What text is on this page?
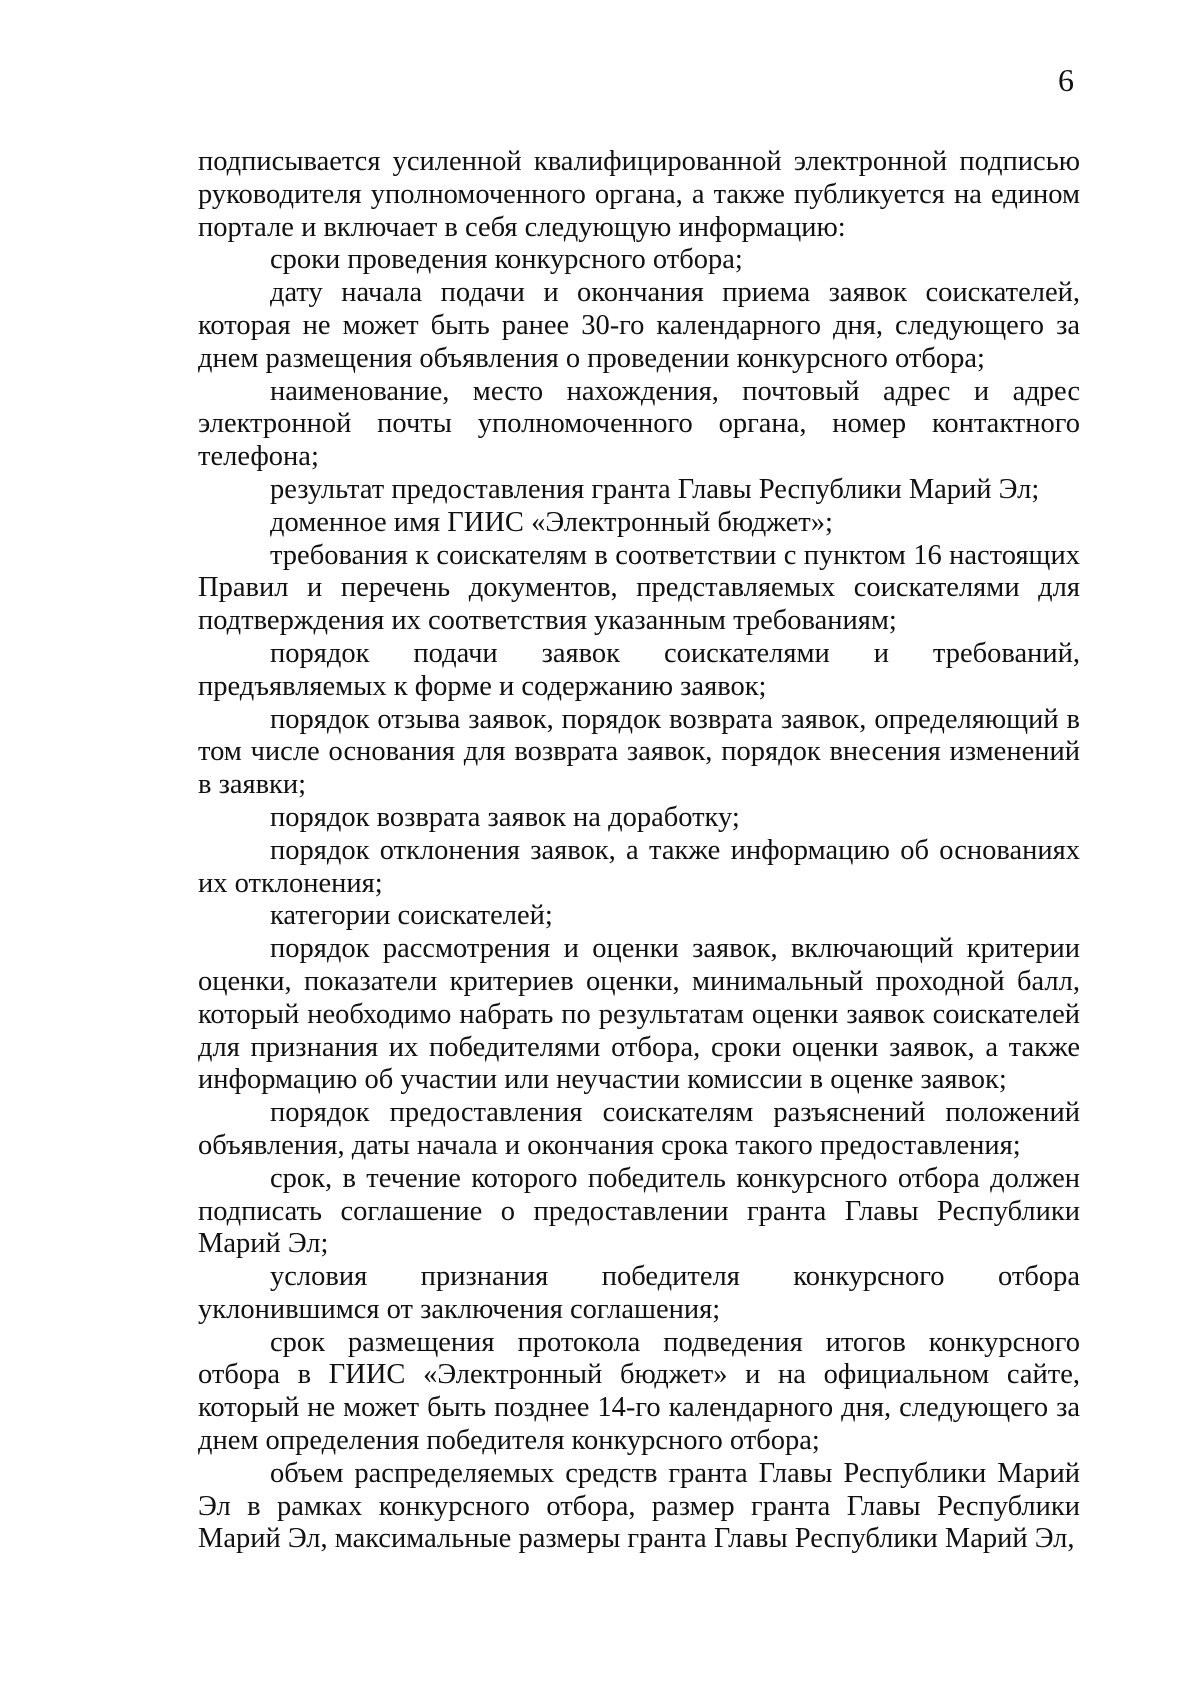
6

подписывается усиленной квалифицированной электронной подписью руководителя уполномоченного органа, а также публикуется на едином портале и включает в себя следующую информацию:

сроки проведения конкурсного отбора;

дату начала подачи и окончания приема заявок соискателей, которая не может быть ранее 30-го календарного дня, следующего за днем размещения объявления о проведении конкурсного отбора;

наименование, место нахождения, почтовый адрес и адрес электронной почты уполномоченного органа, номер контактного телефона;

результат предоставления гранта Главы Республики Марий Эл;

доменное имя ГИИС «Электронный бюджет»;

требования к соискателям в соответствии с пунктом 16 настоящих Правил и перечень документов, представляемых соискателями для подтверждения их соответствия указанным требованиям;

порядок подачи заявок соискателями и требований, предъявляемых к форме и содержанию заявок;

порядок отзыва заявок, порядок возврата заявок, определяющий в том числе основания для возврата заявок, порядок внесения изменений в заявки;

порядок возврата заявок на доработку;

порядок отклонения заявок, а также информацию об основаниях их отклонения;

категории соискателей;

порядок рассмотрения и оценки заявок, включающий критерии оценки, показатели критериев оценки, минимальный проходной балл, который необходимо набрать по результатам оценки заявок соискателей для признания их победителями отбора, сроки оценки заявок, а также информацию об участии или неучастии комиссии в оценке заявок;

порядок предоставления соискателям разъяснений положений объявления, даты начала и окончания срока такого предоставления;

срок, в течение которого победитель конкурсного отбора должен подписать соглашение о предоставлении гранта Главы Республики Марий Эл;

условия признания победителя конкурсного отбора уклонившимся от заключения соглашения;

срок размещения протокола подведения итогов конкурсного отбора в ГИИС «Электронный бюджет» и на официальном сайте, который не может быть позднее 14-го календарного дня, следующего за днем определения победителя конкурсного отбора;

объем распределяемых средств гранта Главы Республики Марий Эл в рамках конкурсного отбора, размер гранта Главы Республики Марий Эл, максимальные размеры гранта Главы Республики Марий Эл,
